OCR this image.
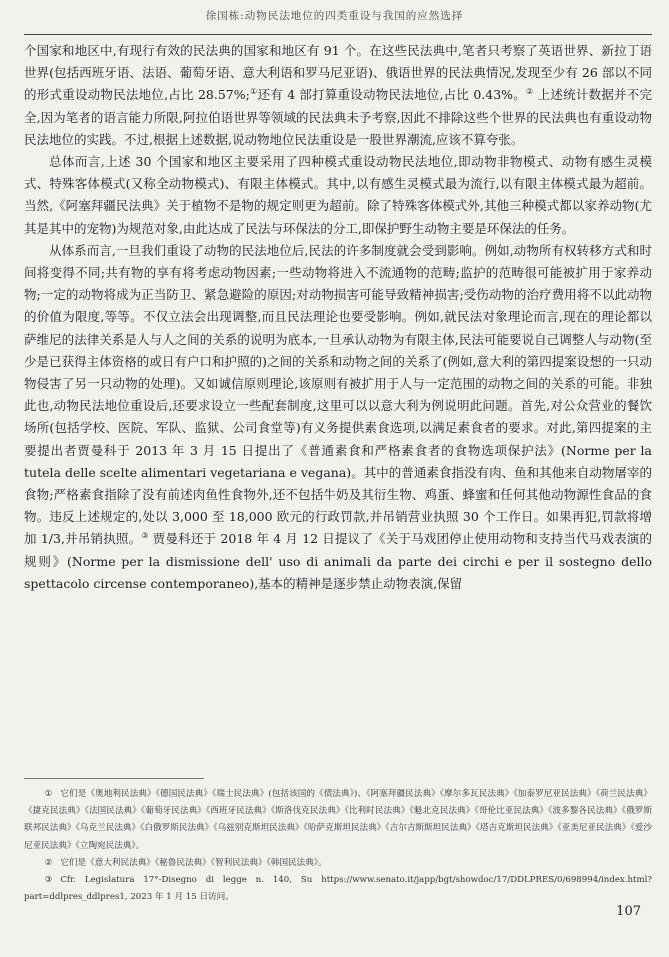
徐国栋:动物民法地位的四类重设与我国的应然选择

个国家和地区中,有现行有效的民法典的国家和地区有 91 个。在这些民法典中,笔者只考察了英语世界、新拉丁语世界(包括西班牙语、法语、葡萄牙语、意大利语和罗马尼亚语)、俄语世界的民法典情况,发现至少有 26 部以不同的形式重设动物民法地位,占比 28.57%;①还有 4 部打算重设动物民法地位,占比 0.43%。② 上述统计数据并不完全,因为笔者的语言能力所限,阿拉伯语世界等领域的民法典未予考察,因此不排除这些个世界的民法典也有重设动物民法地位的实践。不过,根据上述数据,说动物地位民法重设是一股世界潮流,应该不算夸张。

总体而言,上述 30 个国家和地区主要采用了四种模式重设动物民法地位,即动物非物模式、动物有感生灵模式、特殊客体模式(又称全动物模式)、有限主体模式。其中,以有感生灵模式最为流行,以有限主体模式最为超前。当然,《阿塞拜疆民法典》关于植物不是物的规定则更为超前。除了特殊客体模式外,其他三种模式都以家养动物(尤其是其中的宠物)为规范对象,由此达成了民法与环保法的分工,即保护野生动物主要是环保法的任务。

从体系而言,一旦我们重设了动物的民法地位后,民法的许多制度就会受到影响。例如,动物所有权转移方式和时间将变得不同;共有物的享有将考虑动物因素;一些动物将进入不流通物的范畴;监护的范畴很可能被扩用于家养动物;一定的动物将成为正当防卫、紧急避险的原因;对动物损害可能导致精神损害;受伤动物的治疗费用将不以此动物的价值为限度,等等。不仅立法会出现调整,而且民法理论也要受影响。例如,就民法对象理论而言,现在的理论都以萨维尼的法律关系是人与人之间的关系的说明为底本,一旦承认动物为有限主体,民法可能要说自己调整人与动物(至少是已获得主体资格的或日有户口和护照的)之间的关系和动物之间的关系了(例如,意大利的第四提案设想的一只动物侵害了另一只动物的处理)。又如诚信原则理论,该原则有被扩用于人与一定范围的动物之间的关系的可能。非独此也,动物民法地位重设后,还要求设立一些配套制度,这里可以以意大利为例说明此问题。首先,对公众营业的餐饮场所(包括学校、医院、军队、监狱、公司食堂等)有义务提供素食选项,以满足素食者的要求。对此,第四提案的主要提出者贾曼科于 2013 年 3 月 15 日提出了《普通素食和严格素食者的食物选项保护法》(Norme per la tutela delle scelte alimentari vegetariana e vegana)。其中的普通素食指没有肉、鱼和其他来自动物屠宰的食物;严格素食指除了没有前述肉鱼性食物外,还不包括牛奶及其衍生物、鸡蛋、蜂蜜和任何其他动物源性食品的食物。违反上述规定的,处以 3,000 至 18,000 欧元的行政罚款,并吊销营业执照 30 个工作日。如果再犯,罚款将增加 1/3,并吊销执照。③ 贾曼科还于 2018 年 4 月 12 日提议了《关于马戏团停止使用动物和支持当代马戏表演的规则》(Norme per la dismissione dell' uso di animali da parte dei circhi e per il sostegno dello spettacolo circense contemporaneo),基本的精神是逐步禁止动物表演,保留

① 它们是《奥地利民法典》《德国民法典》《瑞士民法典》(包括该国的《债法典》)、《阿塞拜疆民法典》《摩尔多瓦民法典》《加泰罗尼亚民法典》《荷兰民法典》《捷克民法典》《法国民法典》《葡萄牙民法典》《西班牙民法典》《斯洛伐克民法典》《比利时民法典》《魁北克民法典》《哥伦比亚民法典》《波多黎各民法典》《俄罗斯联邦民法典》《乌克兰民法典》《白俄罗斯民法典》《乌兹别克斯坦民法典》《哈萨克斯坦民法典》《吉尔吉斯斯坦民法典》《塔吉克斯坦民法典》《亚美尼亚民法典》《爱沙尼亚民法典》《立陶宛民法典》。

② 它们是《意大利民法典》《秘鲁民法典》《智利民法典》《韩国民法典》。

③ Cfr. Legislatura 17°-Disegno di legge n. 140, Su https://www.senato.it/japp/bgt/showdoc/17/DDLPRES/0/698994/index.html? part=ddlpres_ddlpres1, 2023 年 1 月 15 日访问。

107
